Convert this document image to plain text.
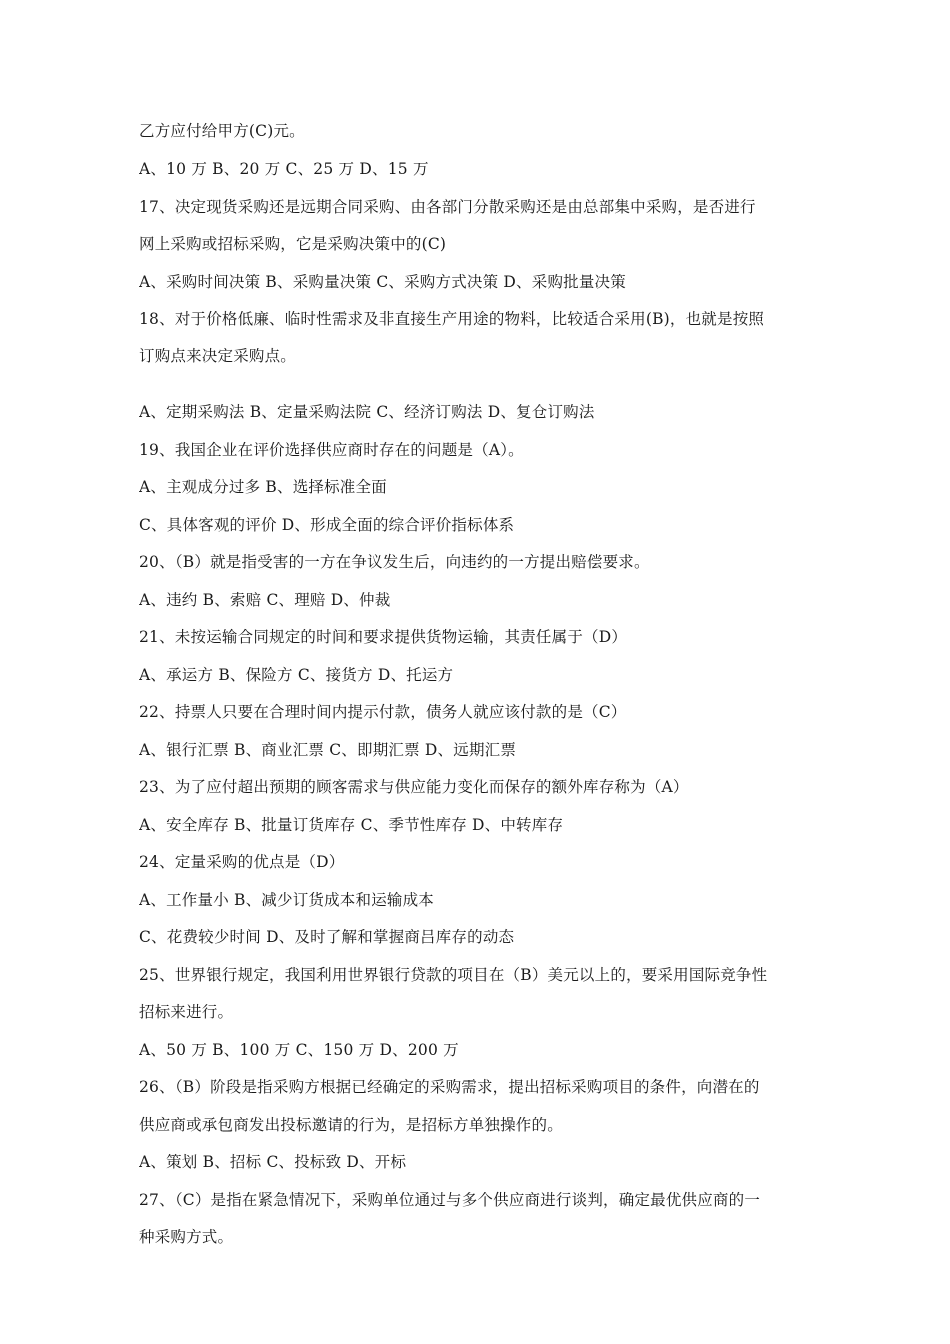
乙方应付给甲方(C)元。
A、10 万 B、20 万 C、25 万 D、15 万
17、决定现货采购还是远期合同采购、由各部门分散采购还是由总部集中采购，是否进行
网上采购或招标采购，它是采购决策中的(C)
A、采购时间决策 B、采购量决策 C、采购方式决策 D、采购批量决策
18、对于价格低廉、临时性需求及非直接生产用途的物料，比较适合采用(B)，也就是按照
订购点来决定采购点。
A、定期采购法 B、定量采购法院 C、经济订购法 D、复仓订购法
19、我国企业在评价选择供应商时存在的问题是（A）。
A、主观成分过多 B、选择标准全面
C、具体客观的评价 D、形成全面的综合评价指标体系
20、（B）就是指受害的一方在争议发生后，向违约的一方提出赔偿要求。
A、违约 B、索赔 C、理赔 D、仲裁
21、未按运输合同规定的时间和要求提供货物运输，其责任属于（D）
A、承运方 B、保险方 C、接货方 D、托运方
22、持票人只要在合理时间内提示付款，债务人就应该付款的是（C）
A、银行汇票 B、商业汇票 C、即期汇票 D、远期汇票
23、为了应付超出预期的顾客需求与供应能力变化而保存的额外库存称为（A）
A、安全库存 B、批量订货库存 C、季节性库存 D、中转库存
24、定量采购的优点是（D）
A、工作量小 B、减少订货成本和运输成本
C、花费较少时间 D、及时了解和掌握商吕库存的动态
25、世界银行规定，我国利用世界银行贷款的项目在（B）美元以上的，要采用国际竞争性
招标来进行。
A、50 万 B、100 万 C、150 万 D、200 万
26、（B）阶段是指采购方根据已经确定的采购需求，提出招标采购项目的条件，向潜在的
供应商或承包商发出投标邀请的行为，是招标方单独操作的。
A、策划 B、招标 C、投标致 D、开标
27、（C）是指在紧急情况下，采购单位通过与多个供应商进行谈判，确定最优供应商的一
种采购方式。
